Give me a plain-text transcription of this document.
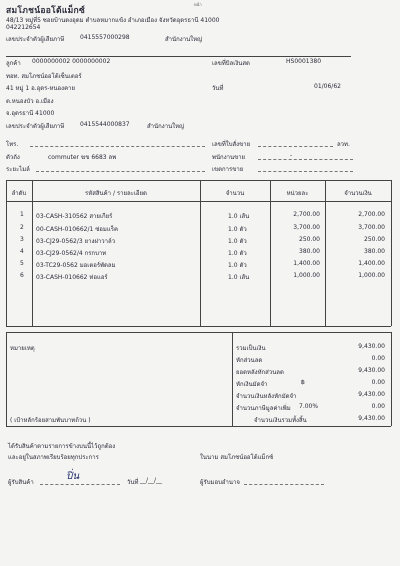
หน้า
สมโภชน์ออโต้แม็กซ์
48/13 หมู่ที่5 ซอยบ้านดงอุดม ตำบลหมากแข้ง อำเภอเมือง จังหวัดอุดรธานี 41000
042212654
เลขประจำตัวผู้เสียภาษี	0415557000298	สำนักงานใหญ่
ลูกค้า 0000000002 0000000002	เลขที่บิลเงินสด	HS0001380
ทอท. สมโภชน์ออโต้เซ็นเตอร์
41 หมู่ 1 อ.อุดร-หนองคาย	วันที่	01/06/62
ต.หนองบัว อ.เมือง
จ.อุดรธานี 41000
เลขประจำตัวผู้เสียภาษี	0415544000837	สำนักงานใหญ่
โทร.	เลขที่ใบสั่งขาย	ลวท.
ตัวถัง	commuter ฆข 6683 ลพ	พนักงานขาย	-
ระยะไมล์	เขตการขาย
ลำดับ	รหัสสินค้า / รายละเอียด	จำนวน	หน่วยละ	จำนวนเงิน
1 03-CASH-310562 สายเกียร์	1.0 เส้น	2,700.00	2,700.00
2 00-CASH-010662/1 ซ่อมแร็ค	1.0 ตัว	3,700.00	3,700.00
3 03-CJ29-0562/3 ยางฝาวาล์ว	1.0 ตัว	250.00	250.00
4 03-CJ29-0562/4 กรกบาท	1.0 ตัว	380.00	380.00
5 03-TC29-0562 มอเตอร์พัดลม	1.0 ตัว	1,400.00	1,400.00
6 03-CASH-010662 ท่อแอร์	1.0 เส้น	1,000.00	1,000.00
หมายเหตุ	รวมเป็นเงิน	9,430.00
หักส่วนลด	0.00
ยอดหลังหักส่วนลด	9,430.00
หักเงินมัดจำ	฿	0.00
จำนวนเงินหลังหักมัดจำ	9,430.00
จำนวนภาษีมูลค่าเพิ่ม 7.00%	0.00
( เป้าหลักร้อยสามพันบาทถ้วน )	จำนวนเงินรวมทั้งสิ้น	9,430.00
ได้รับสินค้าตามรายการข้างบนนี้ไว้ถูกต้อง
และอยู่ในสภาพเรียบร้อยทุกประการ	ในนาม สมโภชน์ออโต้แม็กซ์
ผู้รับสินค้า
ปิ่น
วันที่ __/__/__	ผู้รับมอบอำนาจ
